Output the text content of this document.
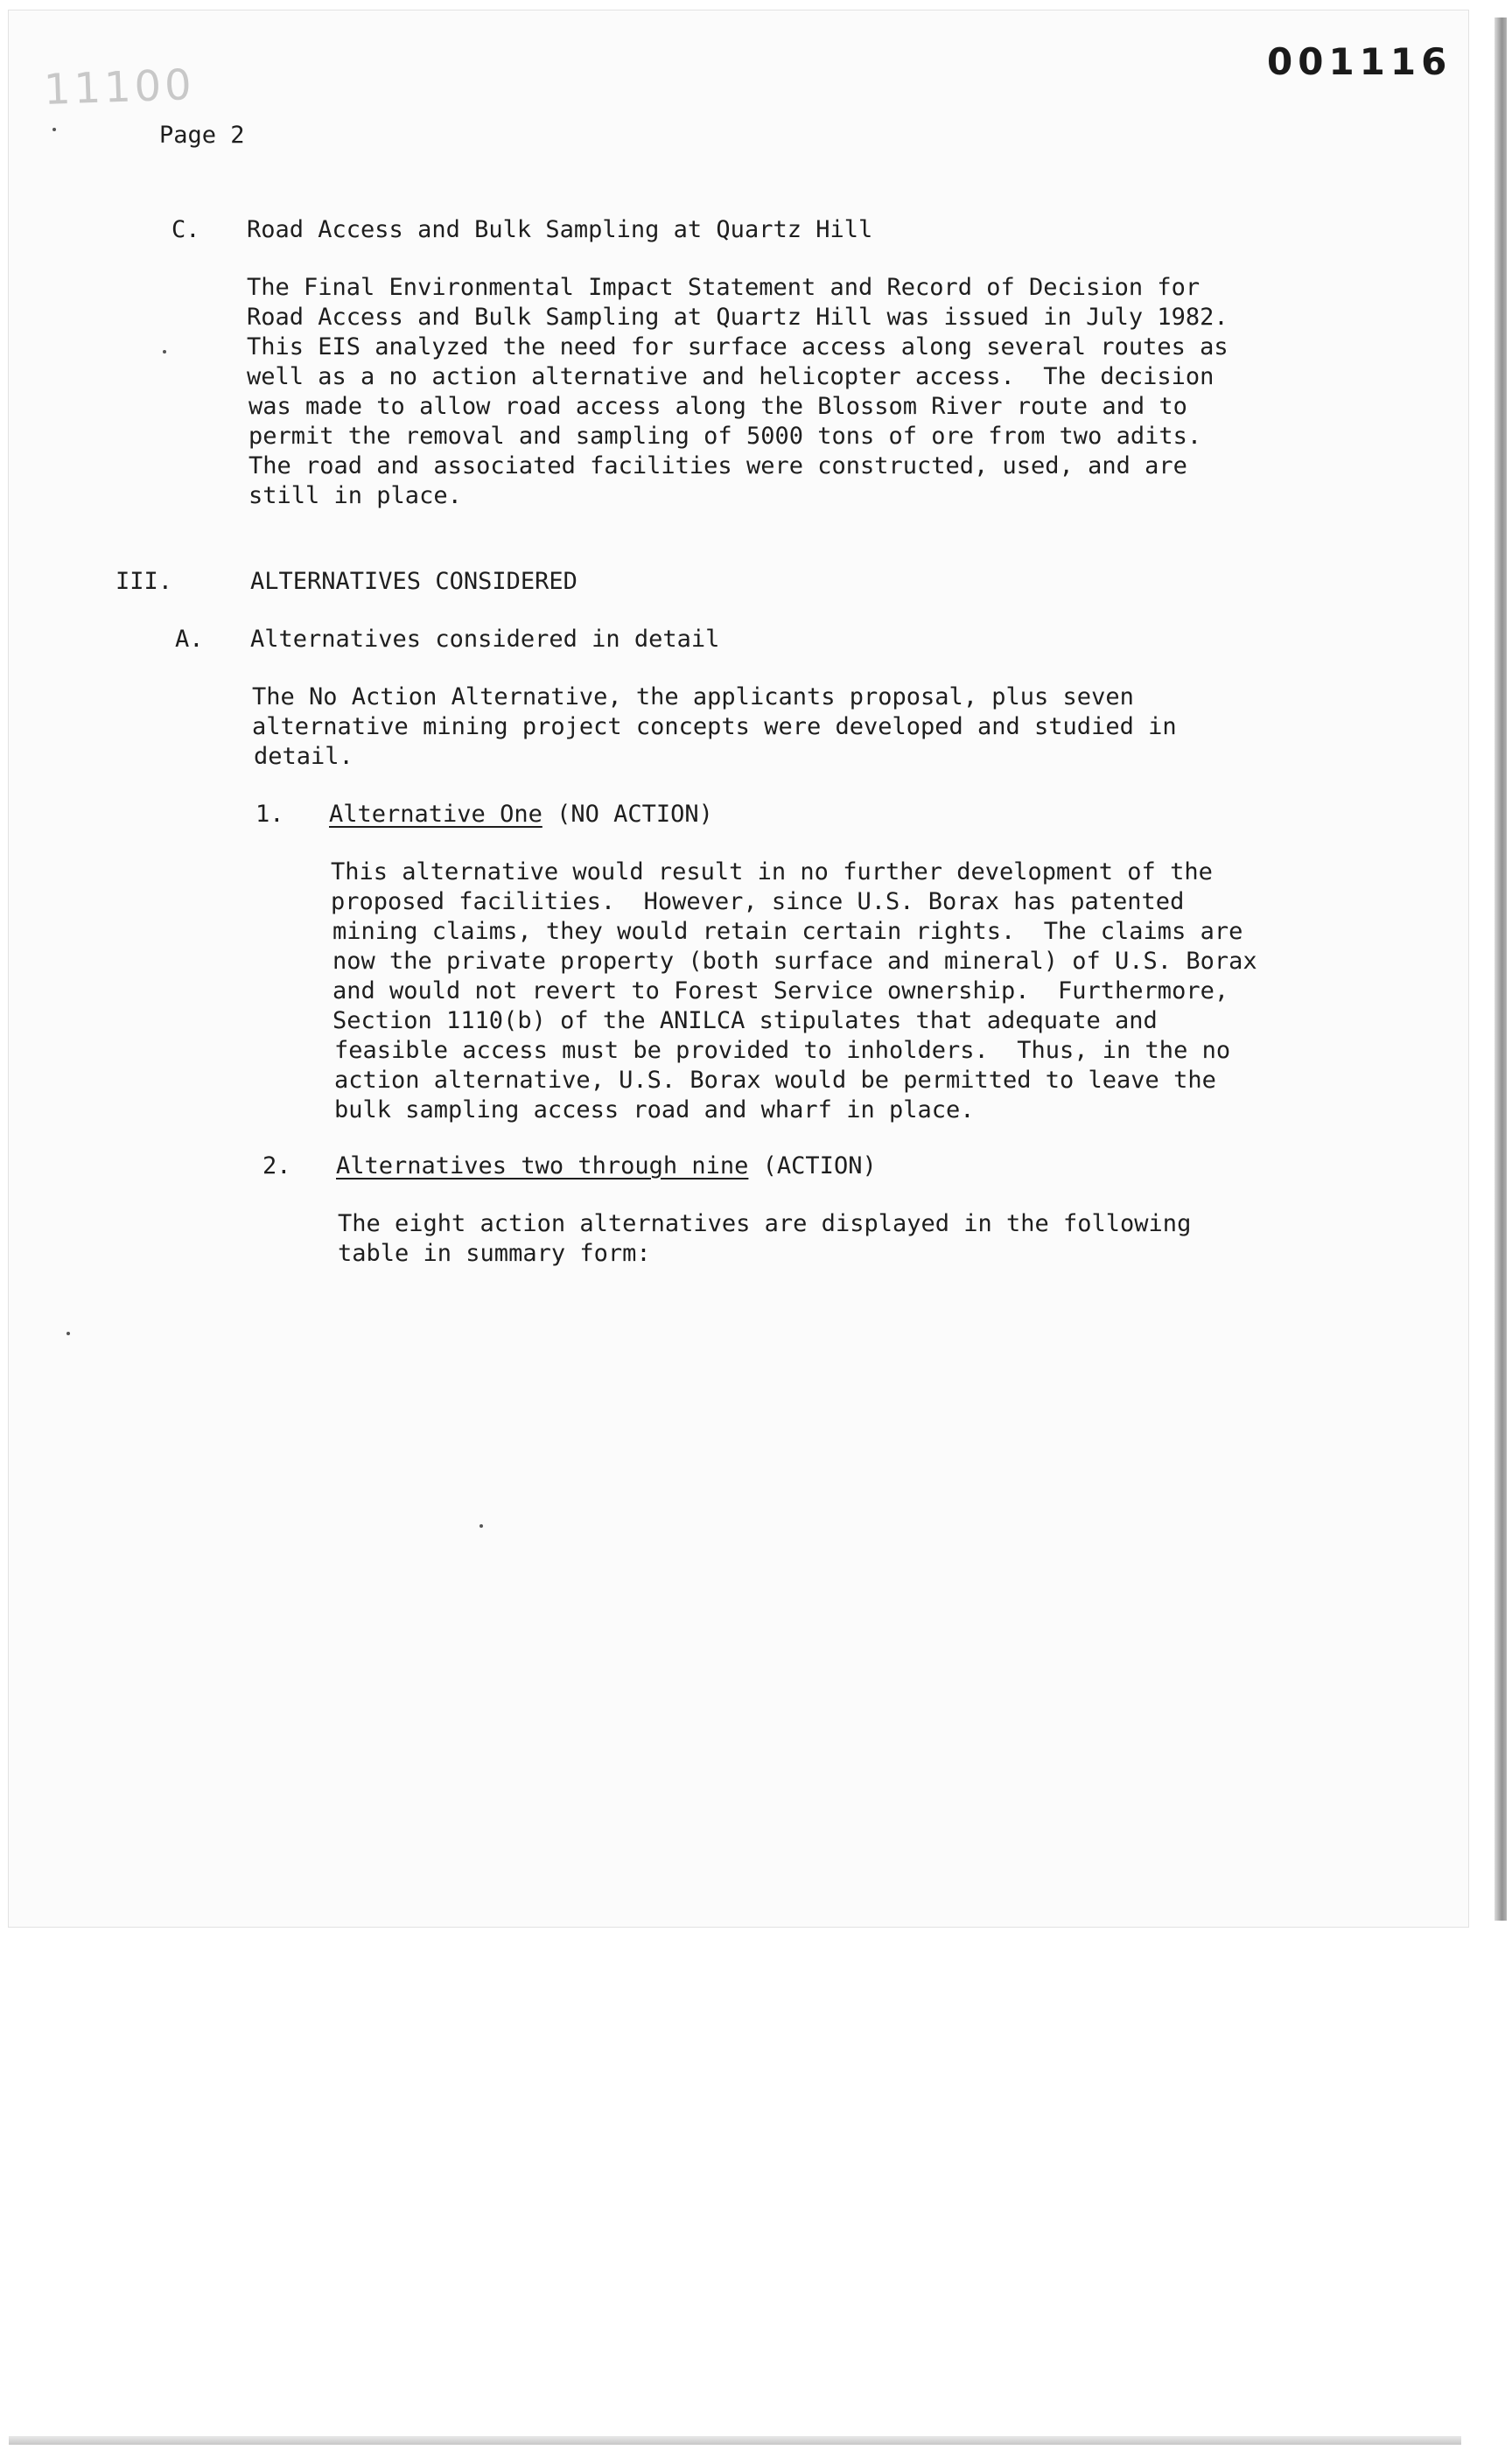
11100	001116
Page 2
C. Road Access and Bulk Sampling at Quartz Hill
The Final Environmental Impact Statement and Record of Decision for
Road Access and Bulk Sampling at Quartz Hill was issued in July 1982.
This EIS analyzed the need for surface access along several routes as
well as a no action alternative and helicopter access.  The decision
was made to allow road access along the Blossom River route and to
permit the removal and sampling of 5000 tons of ore from two adits.
The road and associated facilities were constructed, used, and are
still in place.
III.	ALTERNATIVES CONSIDERED
A. Alternatives considered in detail
The No Action Alternative, the applicants proposal, plus seven
alternative mining project concepts were developed and studied in
detail.
1. Alternative One (NO ACTION)
This alternative would result in no further development of the
proposed facilities.  However, since U.S. Borax has patented
mining claims, they would retain certain rights.  The claims are
now the private property (both surface and mineral) of U.S. Borax
and would not revert to Forest Service ownership.  Furthermore,
Section 1110(b) of the ANILCA stipulates that adequate and
feasible access must be provided to inholders.  Thus, in the no
action alternative, U.S. Borax would be permitted to leave the
bulk sampling access road and wharf in place.
2. Alternatives two through nine (ACTION)
The eight action alternatives are displayed in the following
table in summary form:
